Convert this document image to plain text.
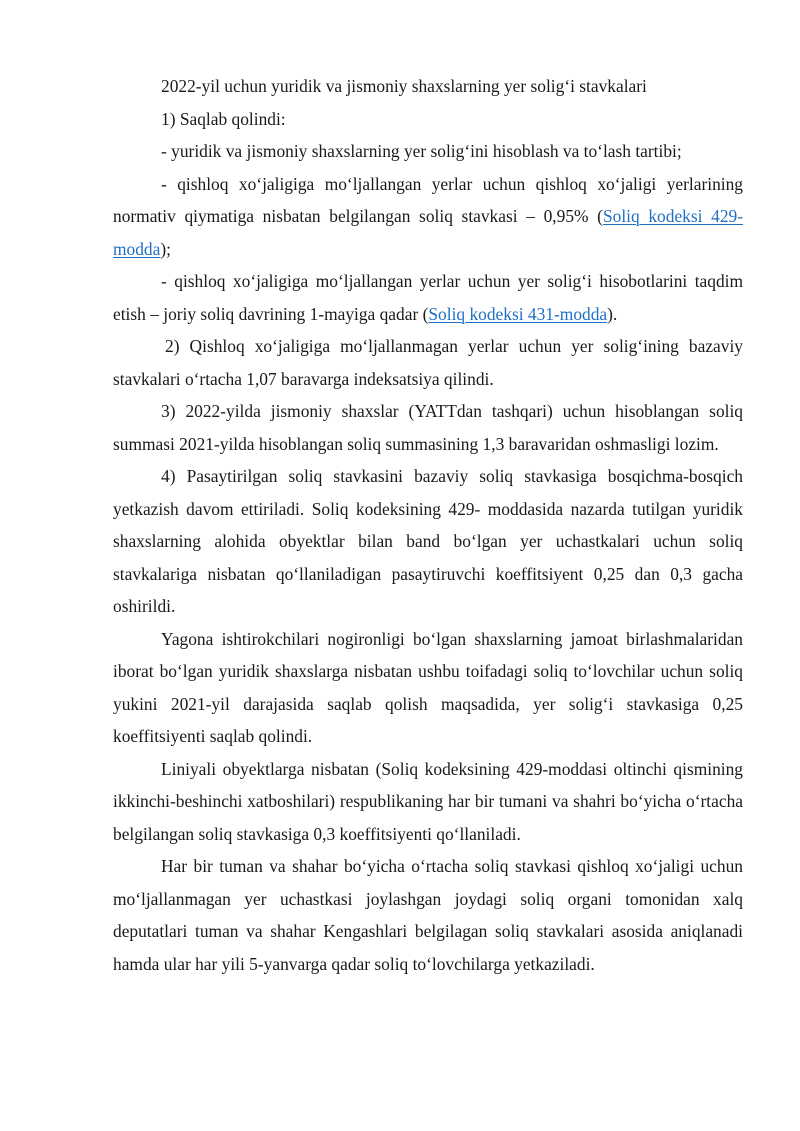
2022-yil uchun yuridik va jismoniy shaxslarning yer solig‘i stavkalari

1) Saqlab qolindi:

- yuridik va jismoniy shaxslarning yer solig‘ini hisoblash va to‘lash tartibi;

- qishloq xo‘jaligiga mo‘ljallangan yerlar uchun qishloq xo‘jaligi yerlarining normativ qiymatiga nisbatan belgilangan soliq stavkasi – 0,95% (Soliq kodeksi 429-modda);

- qishloq xo‘jaligiga mo‘ljallangan yerlar uchun yer solig‘i hisobotlarini taqdim etish – joriy soliq davrining 1-mayiga qadar (Soliq kodeksi 431-modda).

2) Qishloq xo‘jaligiga mo‘ljallanmagan yerlar uchun yer solig‘ining bazaviy stavkalari o‘rtacha 1,07 baravarga indeksatsiya qilindi.

3) 2022-yilda jismoniy shaxslar (YATTdan tashqari) uchun hisoblangan soliq summasi 2021-yilda hisoblangan soliq summasining 1,3 baravaridan oshmasligi lozim.

4) Pasaytirilgan soliq stavkasini bazaviy soliq stavkasiga bosqichma-bosqich yetkazish davom ettiriladi. Soliq kodeksining 429- moddasida nazarda tutilgan yuridik shaxslarning alohida obyektlar bilan band bo‘lgan yer uchastkalari uchun soliq stavkalariga nisbatan qo‘llaniladigan pasaytiruvchi koeffitsiyent 0,25 dan 0,3 gacha oshirildi.

Yagona ishtirokchilari nogironligi bo‘lgan shaxslarning jamoat birlashmalaridan iborat bo‘lgan yuridik shaxslarga nisbatan ushbu toifadagi soliq to‘lovchilar uchun soliq yukini 2021-yil darajasida saqlab qolish maqsadida, yer solig‘i stavkasiga 0,25 koeffitsiyenti saqlab qolindi.

Liniyali obyektlarga nisbatan (Soliq kodeksining 429-moddasi oltinchi qismining ikkinchi-beshinchi xatboshilari) respublikaning har bir tumani va shahri bo‘yicha o‘rtacha belgilangan soliq stavkasiga 0,3 koeffitsiyenti qo‘llaniladi.

Har bir tuman va shahar bo‘yicha o‘rtacha soliq stavkasi qishloq xo‘jaligi uchun mo‘ljallanmagan yer uchastkasi joylashgan joydagi soliq organi tomonidan xalq deputatlari tuman va shahar Kengashlari belgilagan soliq stavkalari asosida aniqlanadi hamda ular har yili 5-yanvarga qadar soliq to‘lovchilarga yetkaziladi.
